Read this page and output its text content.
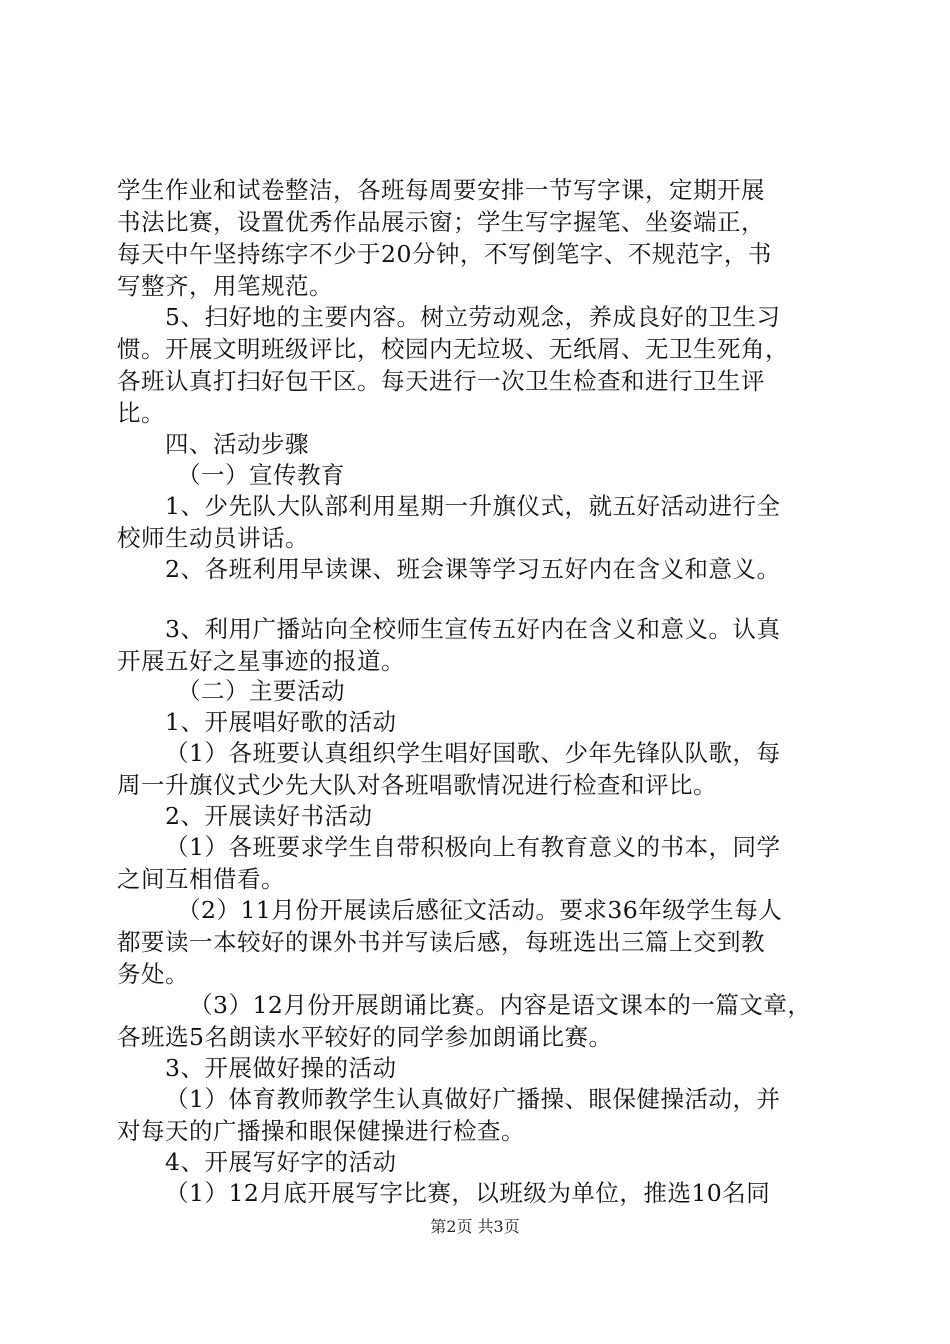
学生作业和试卷整洁，各班每周要安排一节写字课，定期开展
书法比赛，设置优秀作品展示窗；学生写字握笔、坐姿端正，
每天中午坚持练字不少于20分钟，不写倒笔字、不规范字，书
写整齐，用笔规范。
5、扫好地的主要内容。树立劳动观念，养成良好的卫生习
惯。开展文明班级评比，校园内无垃圾、无纸屑、无卫生死角，
各班认真打扫好包干区。每天进行一次卫生检查和进行卫生评
比。
四、活动步骤
（一）宣传教育
1、少先队大队部利用星期一升旗仪式，就五好活动进行全
校师生动员讲话。
2、各班利用早读课、班会课等学习五好内在含义和意义。
3、利用广播站向全校师生宣传五好内在含义和意义。认真
开展五好之星事迹的报道。
（二）主要活动
1、开展唱好歌的活动
（1）各班要认真组织学生唱好国歌、少年先锋队队歌，每
周一升旗仪式少先大队对各班唱歌情况进行检查和评比。
2、开展读好书活动
（1）各班要求学生自带积极向上有教育意义的书本，同学
之间互相借看。
（2）11月份开展读后感征文活动。要求36年级学生每人
都要读一本较好的课外书并写读后感，每班选出三篇上交到教
务处。
（3）12月份开展朗诵比赛。内容是语文课本的一篇文章，
各班选5名朗读水平较好的同学参加朗诵比赛。
3、开展做好操的活动
（1）体育教师教学生认真做好广播操、眼保健操活动，并
对每天的广播操和眼保健操进行检查。
4、开展写好字的活动
（1）12月底开展写字比赛，以班级为单位，推选10名同
第2页 共3页
